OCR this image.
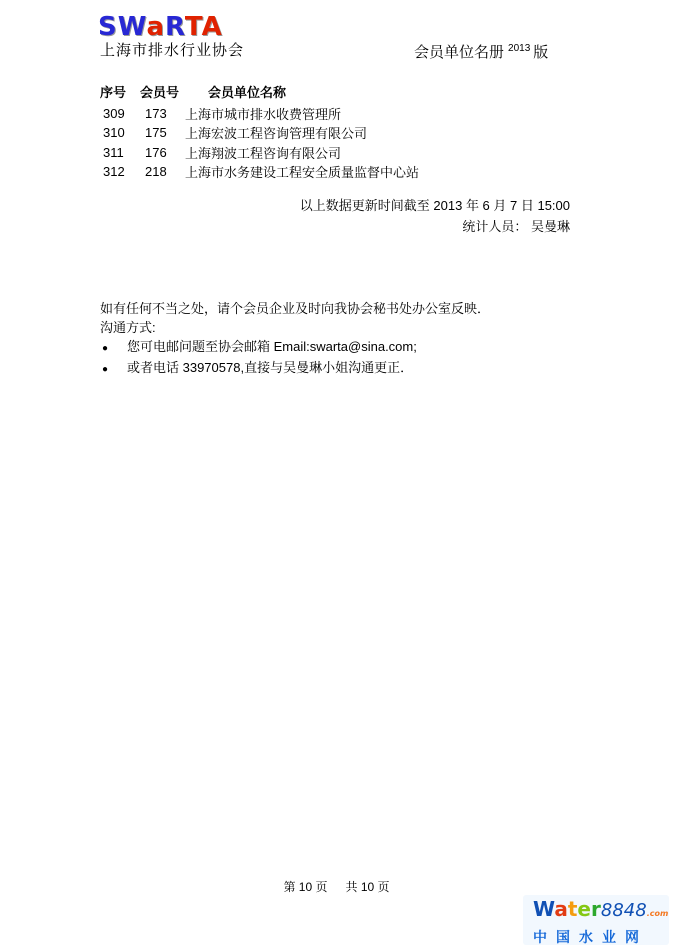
SWaRTA
上海市排水行业协会	会员单位名册 $^{2013}$ 版
序号	会员号	会员单位名称
309	173	上海市城市排水收费管理所
310	175	上海宏波工程咨询管理有限公司
311	176	上海翔波工程咨询有限公司
312	218	上海市水务建设工程安全质量监督中心站
以上数据更新时间截至 2013 年 6 月 7 日 15:00
统计人员： 吴曼琳
如有任何不当之处，请个会员企业及时向我协会秘书处办公室反映．
沟通方式:
●	您可电邮问题至协会邮箱 Email:swarta@sina.com;
●	或者电话 33970578,直接与吴曼琳小姐沟通更正．
第 10 页 共 10 页
Water8848.com
中国水业网
